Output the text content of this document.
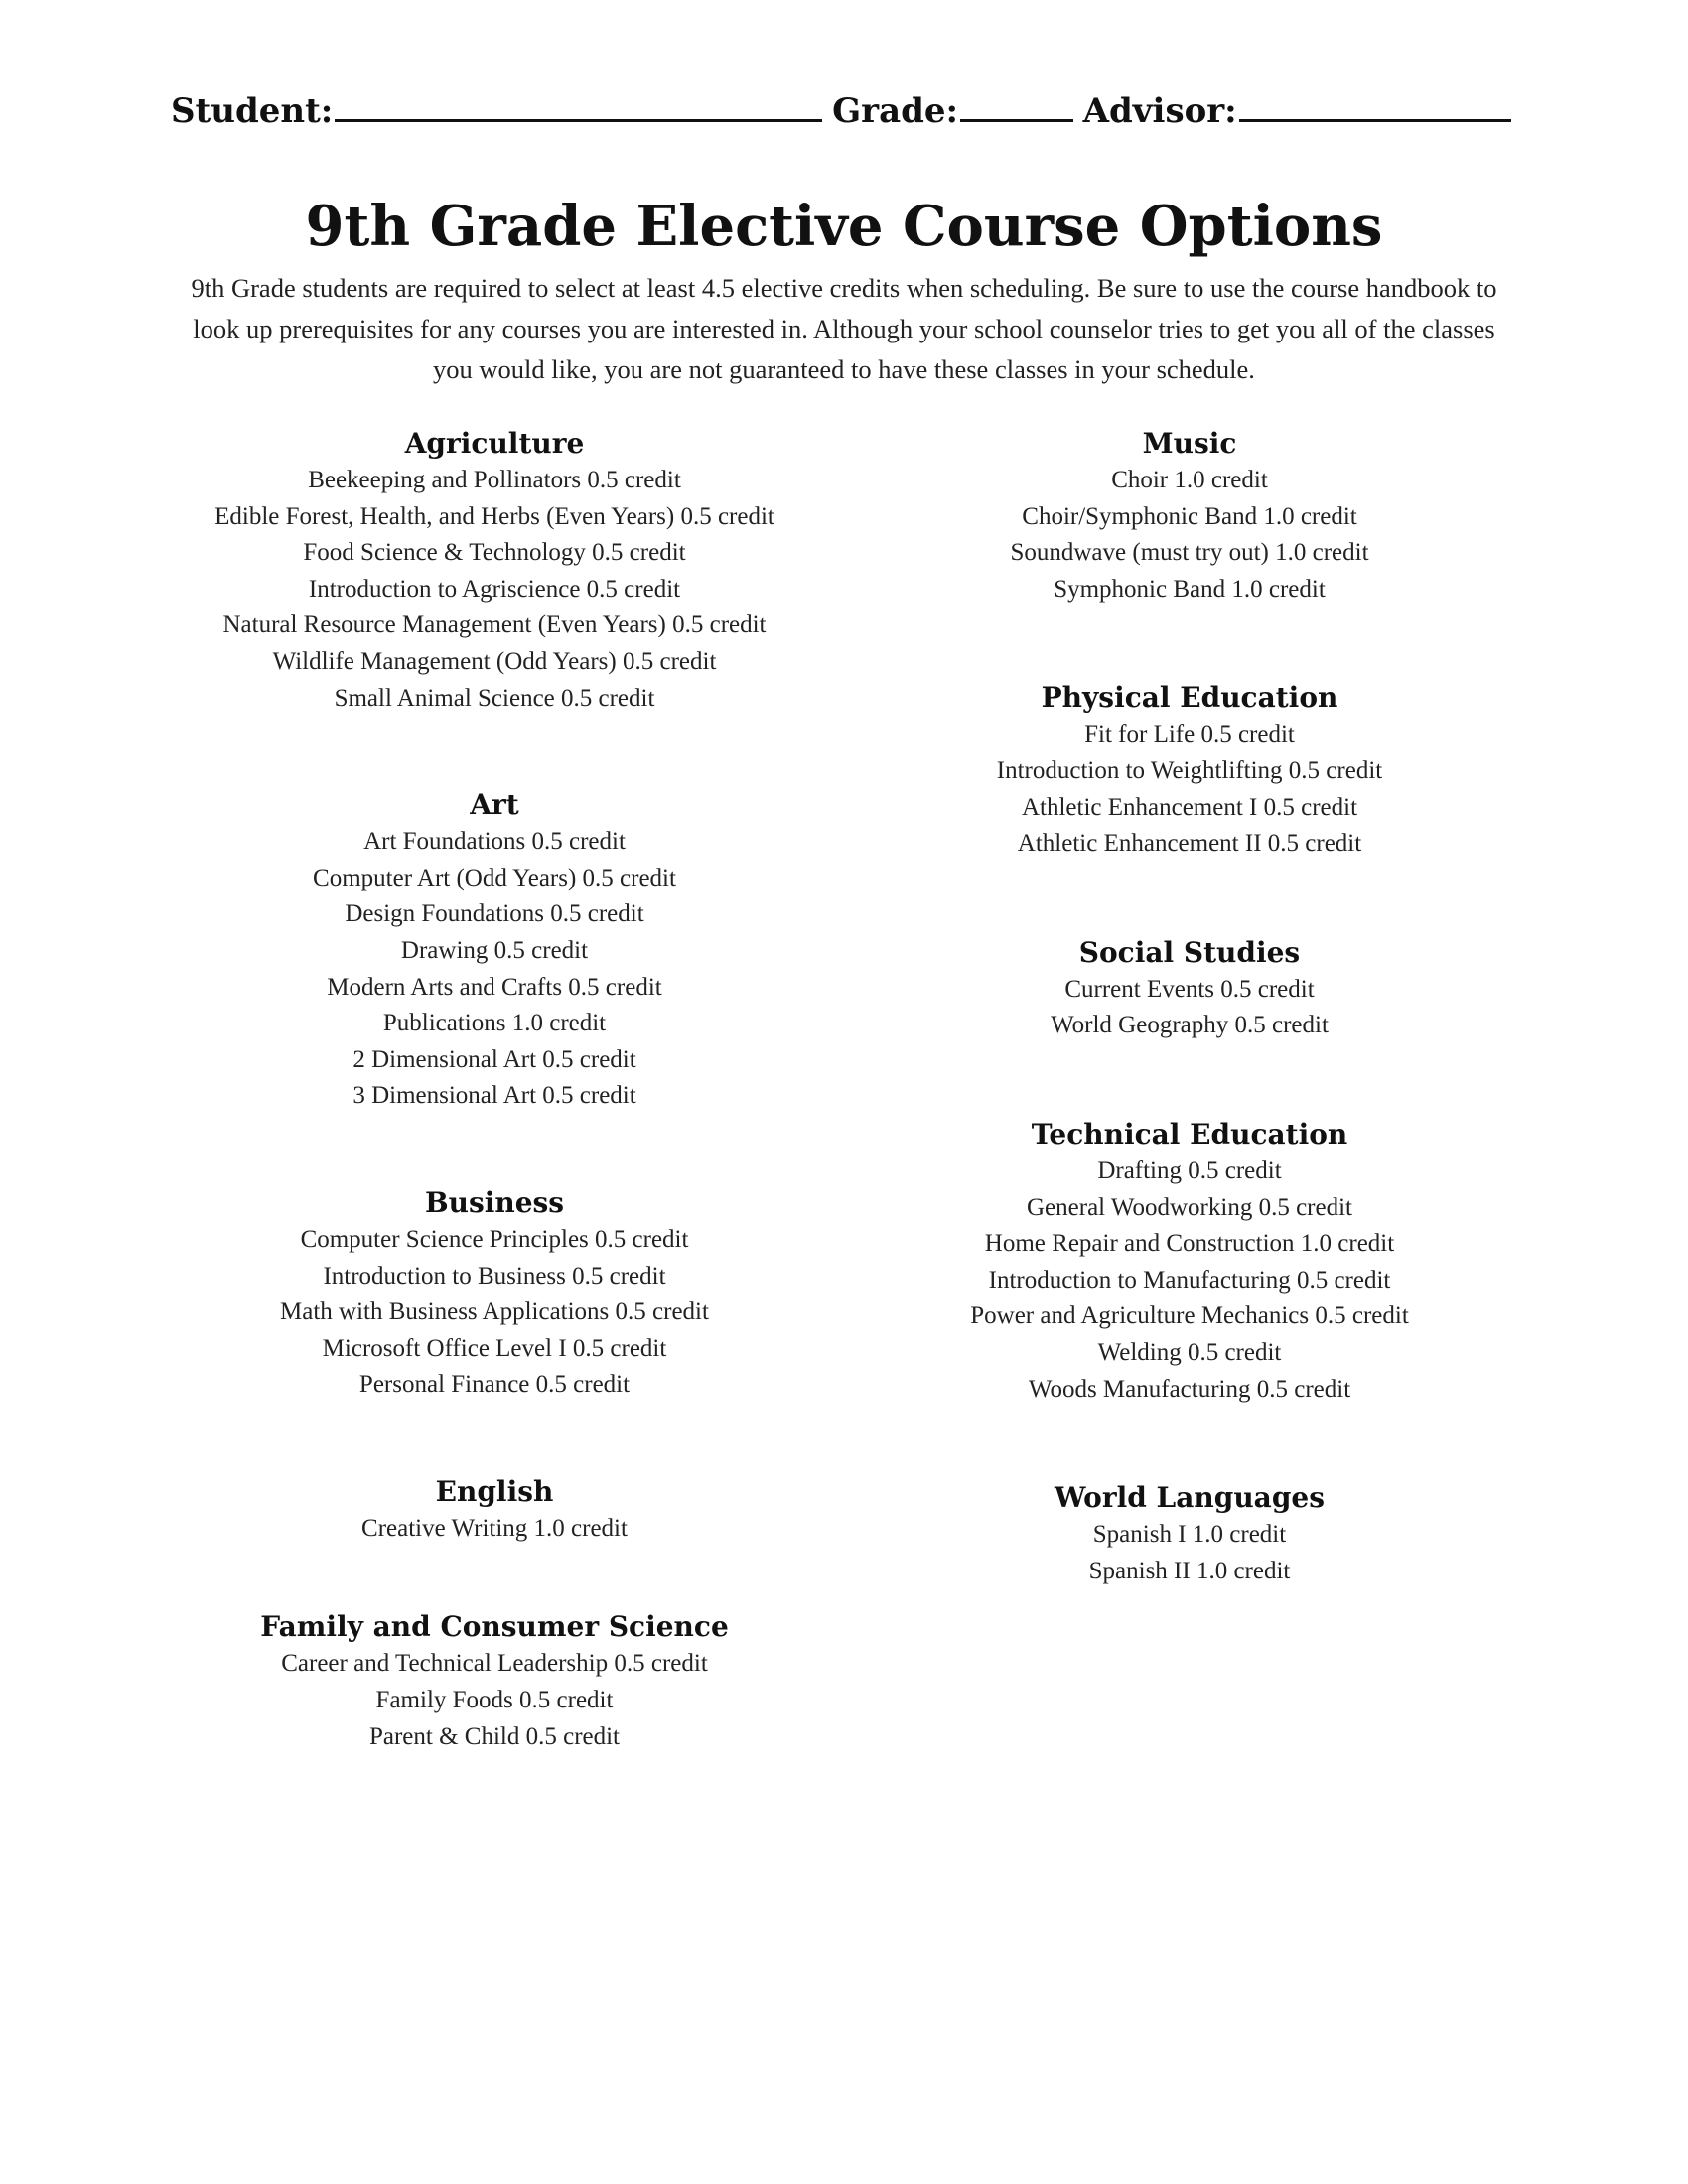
Student:	Grade:	Advisor:
9th Grade Elective Course Options
9th Grade students are required to select at least 4.5 elective credits when scheduling. Be sure to use the course handbook to look up prerequisites for any courses you are interested in. Although your school counselor tries to get you all of the classes you would like, you are not guaranteed to have these classes in your schedule.
Agriculture
Beekeeping and Pollinators 0.5 credit
Edible Forest, Health, and Herbs (Even Years) 0.5 credit
Food Science & Technology 0.5 credit
Introduction to Agriscience 0.5 credit
Natural Resource Management (Even Years) 0.5 credit
Wildlife Management (Odd Years) 0.5 credit
Small Animal Science 0.5 credit
Art
Art Foundations 0.5 credit
Computer Art (Odd Years) 0.5 credit
Design Foundations 0.5 credit
Drawing 0.5 credit
Modern Arts and Crafts 0.5 credit
Publications 1.0 credit
2 Dimensional Art 0.5 credit
3 Dimensional Art 0.5 credit
Business
Computer Science Principles 0.5 credit
Introduction to Business 0.5 credit
Math with Business Applications 0.5 credit
Microsoft Office Level I 0.5 credit
Personal Finance 0.5 credit
English
Creative Writing 1.0 credit
Family and Consumer Science
Career and Technical Leadership 0.5 credit
Family Foods 0.5 credit
Parent & Child 0.5 credit
Music
Choir 1.0 credit
Choir/Symphonic Band 1.0 credit
Soundwave (must try out) 1.0 credit
Symphonic Band 1.0 credit
Physical Education
Fit for Life 0.5 credit
Introduction to Weightlifting 0.5 credit
Athletic Enhancement I 0.5 credit
Athletic Enhancement II 0.5 credit
Social Studies
Current Events 0.5 credit
World Geography 0.5 credit
Technical Education
Drafting 0.5 credit
General Woodworking 0.5 credit
Home Repair and Construction 1.0 credit
Introduction to Manufacturing 0.5 credit
Power and Agriculture Mechanics 0.5 credit
Welding 0.5 credit
Woods Manufacturing 0.5 credit
World Languages
Spanish I 1.0 credit
Spanish II 1.0 credit
